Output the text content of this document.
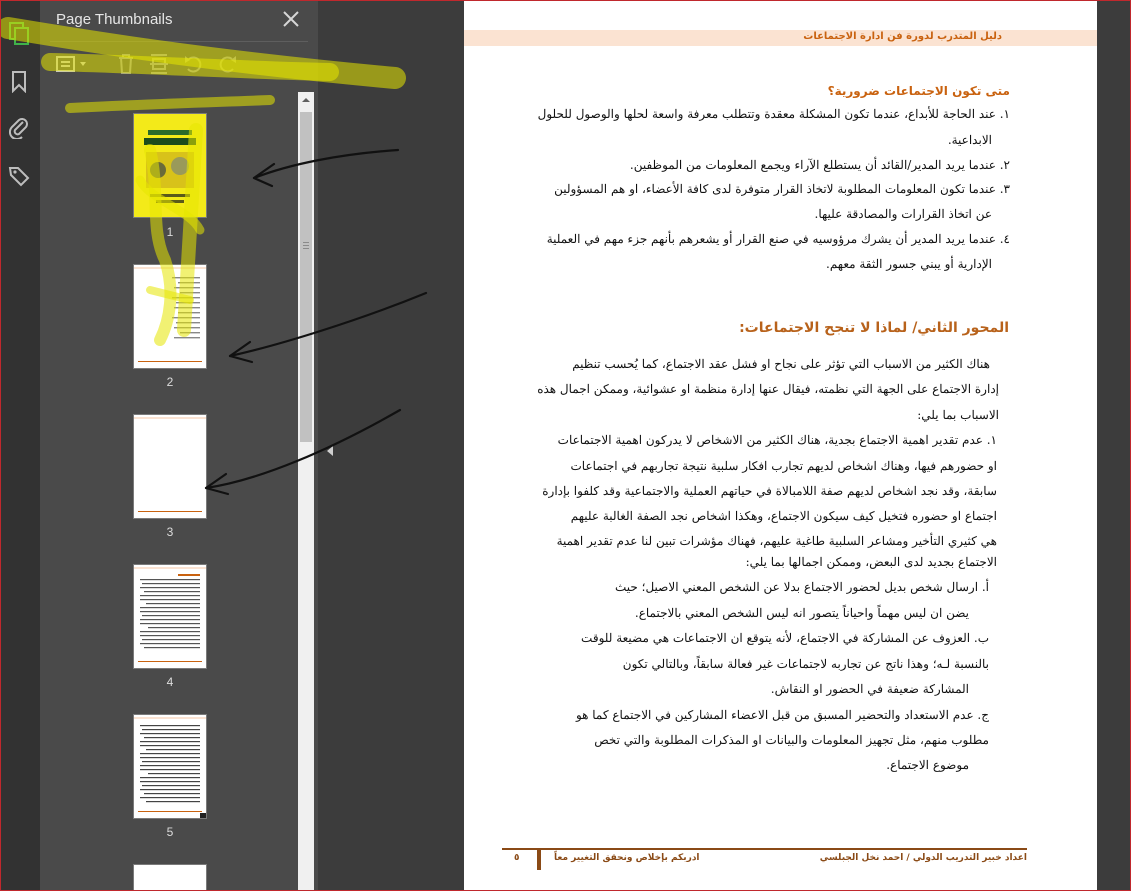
Page Thumbnails
1
2
3
4
5
دليل المتدرب لدورة فن ادارة الاجتماعات
متى تكون الاجتماعات ضرورية؟
١. عند الحاجة للأبداع، عندما تكون المشكلة معقدة وتتطلب معرفة واسعة لحلها والوصول للحلول
الابداعية.
٢. عندما يريد المدير/القائد أن يستطلع الآراء ويجمع المعلومات من الموظفين.
٣. عندما تكون المعلومات المطلوبة لاتخاذ القرار متوفرة لدى كافة الأعضاء، او هم المسؤولين
عن اتخاذ القرارات والمصادقة عليها.
٤. عندما يريد المدير أن يشرك مرؤوسيه في صنع القرار أو يشعرهم بأنهم جزء مهم في العملية
الإدارية أو يبني جسور الثقة معهم.
المحور الثاني/ لماذا لا تنجح الاجتماعات:
هناك الكثير من الاسباب التي تؤثر على نجاح او فشل عقد الاجتماع، كما يُحسب تنظيم
إدارة الاجتماع على الجهة التي نظمته، فيقال عنها إدارة منظمة او عشوائية، وممكن اجمال هذه
الاسباب بما يلي:
١. عدم تقدير اهمية الاجتماع بجدية، هناك الكثير من الاشخاص لا يدركون اهمية الاجتماعات
او حضورهم فيها، وهناك اشخاص لديهم تجارب افكار سلبية نتيجة تجاربهم في اجتماعات
سابقة، وقد نجد اشخاص لديهم صفة اللامبالاة في حياتهم العملية والاجتماعية وقد كلفوا بإدارة
اجتماع او حضوره فتخيل كيف سيكون الاجتماع، وهكذا اشخاص نجد الصفة الغالبة عليهم
هي كثيري التأخير ومشاعر السلبية طاغية عليهم، فهناك مؤشرات تبين لنا عدم تقدير اهمية
الاجتماع بجديد لدى البعض، وممكن اجمالها بما يلي:
أ. ارسال شخص بديل لحضور الاجتماع بدلا عن الشخص المعني الاصيل؛ حيث
يضن ان ليس مهماً واحياناً يتصور انه ليس الشخص المعني بالاجتماع.
ب. العزوف عن المشاركة في الاجتماع، لأنه يتوقع ان الاجتماعات هي مضيعة للوقت
بالنسبة لـه؛ وهذا ناتج عن تجاربه لاجتماعات غير فعالة سابقاً، وبالتالي تكون
المشاركة ضعيفة في الحضور او النقاش.
ج. عدم الاستعداد والتحضير المسبق من قبل الاعضاء المشاركين في الاجتماع كما هو
مطلوب منهم، مثل تجهيز المعلومات والبيانات او المذكرات المطلوبة والتي تخص
موضوع الاجتماع.
اعداد خبير التدريب الدولي / احمد نخل الجبلسي
ادربكم بإخلاص ونحقق التغيير معاً
٥
